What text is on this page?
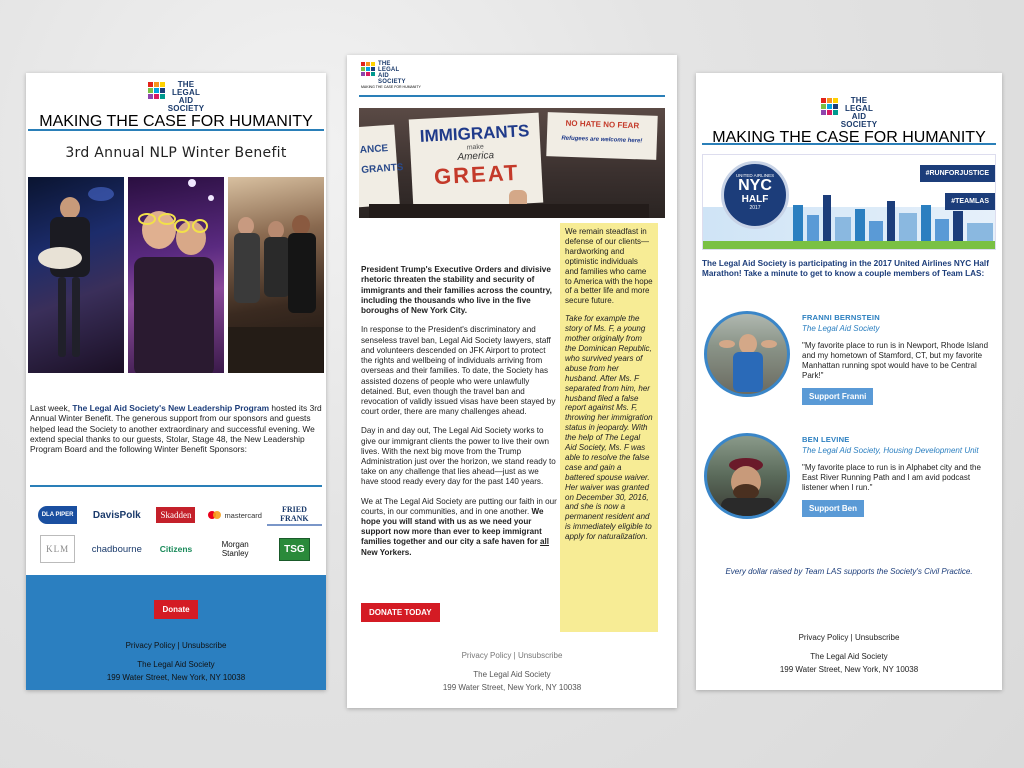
THE
LEGAL
AID
SOCIETY
MAKING THE CASE FOR HUMANITY
3rd Annual NLP Winter Benefit
Last week, The Legal Aid Society's New Leadership Program hosted its 3rd Annual Winter Benefit. The generous support from our sponsors and guests helped lead the Society to another extraordinary and successful evening. We extend special thanks to our guests, Stolar, Stage 48, the New Leadership Program Board and the following Winter Benefit Sponsors:
DLA PIPER	DavisPolk	Skadden	mastercard
FRIED FRANK
KLM	chadbourne Citizens	Morgan Stanley	TSG
Donate
Privacy Policy | Unsubscribe
The Legal Aid Society
199 Water Street, New York, NY 10038
THE
LEGAL
AID
SOCIETY
MAKING THE CASE FOR HUMANITY
ANCE
GRANTS
IMMIGRANTS
make
America
GREAT
NO HATE NO FEAR
Refugees are welcome here!

President Trump's Executive Orders and divisive rhetoric threaten the stability and security of immigrants and their families across the country, including the thousands who live in the five boroughs of New York City.

In response to the President's discriminatory and senseless travel ban, Legal Aid Society lawyers, staff and volunteers descended on JFK Airport to protect the rights and wellbeing of individuals arriving from overseas and their families. To date, the Society has assisted dozens of people who were unlawfully detained. But, even though the travel ban and revocation of validly issued visas have been stayed by court order, there are many challenges ahead.

Day in and day out, The Legal Aid Society works to give our immigrant clients the power to live their own lives. With the next big move from the Trump Administration just over the horizon, we stand ready to take on any challenge that lies ahead—just as we have stood ready every day for the past 140 years.

We at The Legal Aid Society are putting our faith in our courts, in our communities, and in one another. We hope you will stand with us as we need your support now more than ever to keep immigrant families together and our city a safe haven for all New Yorkers.

We remain steadfast in defense of our clients—hardworking and optimistic individuals and families who came to America with the hope of a better life and more secure future.

Take for example the story of Ms. F, a young mother originally from the Dominican Republic, who survived years of abuse from her husband. After Ms. F separated from him, her husband filed a false report against Ms. F, throwing her immigration status in jeopardy. With the help of The Legal Aid Society, Ms. F was able to resolve the false case and gain a battered spouse waiver. Her waiver was granted on December 30, 2016, and she is now a permanent resident and is immediately eligible to apply for naturalization.

DONATE TODAY
Privacy Policy | Unsubscribe
The Legal Aid Society
199 Water Street, New York, NY 10038
THE
LEGAL
AID
SOCIETY
MAKING THE CASE FOR HUMANITY
UNITED AIRLINES
NYC
HALF
2017
#RUNFORJUSTICE
#TEAMLAS
The Legal Aid Society is participating in the 2017 United Airlines NYC Half Marathon! Take a minute to get to know a couple members of Team LAS:
FRANNI BERNSTEIN
The Legal Aid Society
"My favorite place to run is in Newport, Rhode Island and my hometown of Stamford, CT, but my favorite Manhattan running spot would have to be Central Park!"
Support Franni
BEN LEVINE
The Legal Aid Society, Housing Development Unit
"My favorite place to run is in Alphabet city and the East River Running Path and I am avid podcast listener when I run."
Support Ben
Every dollar raised by Team LAS supports the Society's Civil Practice.
Privacy Policy | Unsubscribe
The Legal Aid Society
199 Water Street, New York, NY 10038
